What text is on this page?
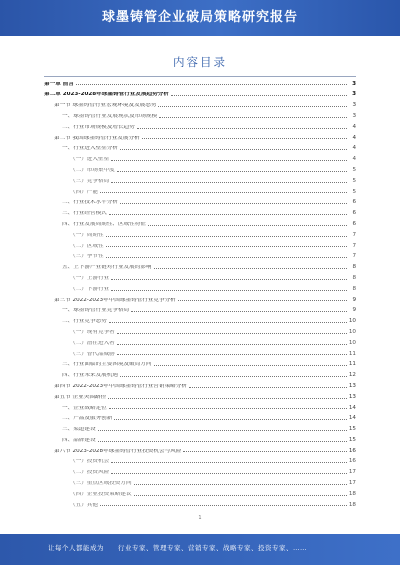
球墨铸管企业破局策略研究报告
内容目录
第一章 前言	3
第二章 2023-2028年球墨铸管行业发展趋势分析	3
第一节 球墨铸管行业宏观环境及发展态势	3
一、球墨铸管行业发展现状及市场规模	3
二、行业市场规模及增长趋势	4
第二节 我国球墨铸管行业发展分析	4
一、行业进入壁垒分析	4
（一）进入壁垒	4
（二）市场集中度	5
（三）竞争格局	5
（四）产能	5
二、行业技术水平分析	6
三、行业经营模式	6
四、行业发展周期性、区域性特征	6
（一）周期性	7
（二）区域性	7
（三）季节性	7
五、上下游产业链对行业发展的影响	8
（一）上游行业	8
（二）下游行业	8
第三节 2022-2023年中国球墨铸管行业竞争分析	9
一、球墨铸管行业竞争格局	9
二、行业竞争态势	10
（一）现有竞争者	10
（二）潜在进入者	10
（三）替代品威胁	11
三、行业面临的主要困境及破局方向	11
四、行业未来发展机遇	12
第四节 2022-2023年中国球墨铸管行业营销策略分析	13
第五节 企业突围路径	13
一、企业战略定位	14
二、产品及服务创新	14
三、渠道建设	15
四、品牌建设	15
第六节 2023-2028年球墨铸管行业投资机会与风险	16
（一）投资机会	16
（二）投资风险	17
（三）重点区域投资方向	17
（四）企业投资策略建议	18
（五）其他	18
1
让每个人都能成为 行业专家、管理专家、营销专家、战略专家、投资专家、……
